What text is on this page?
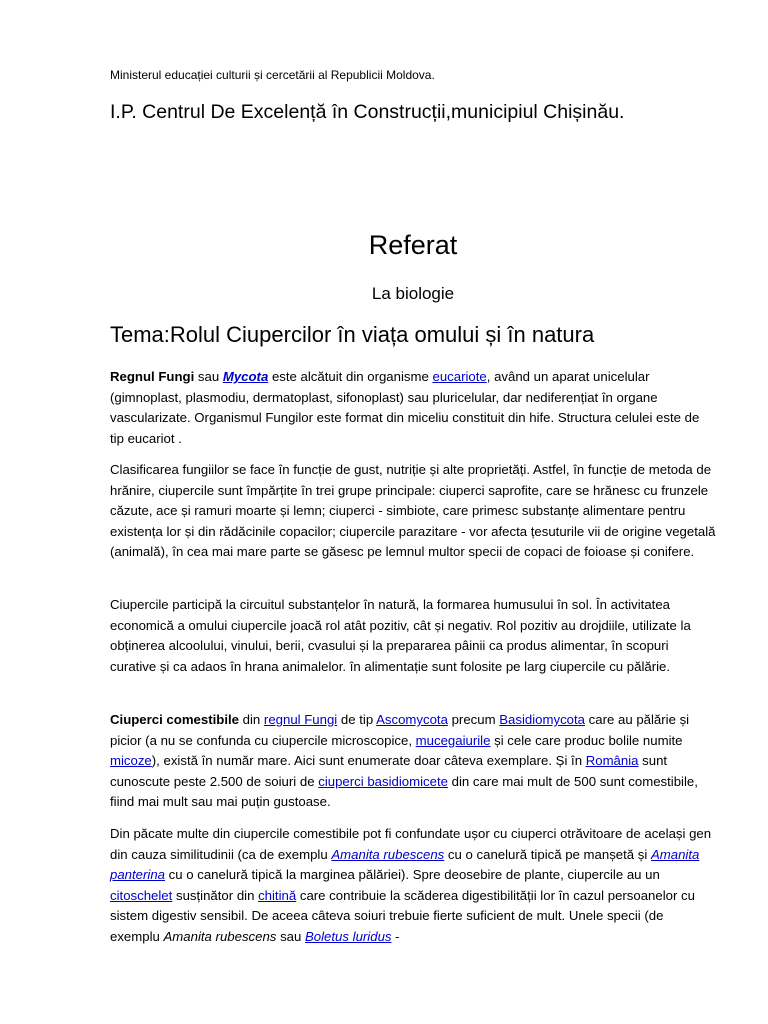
Ministerul educației culturii și cercetării al Republicii Moldova.
I.P. Centrul De Excelență în Construcții,municipiul Chișinău.
Referat
La biologie
Tema:Rolul Ciupercilor în viața omului și în natura

Regnul Fungi sau Mycota este alcătuit din organisme eucariote, având un aparat unicelular (gimnoplast, plasmodiu, dermatoplast, sifonoplast) sau pluricelular, dar nediferențiat în organe vascularizate. Organismul Fungilor este format din miceliu constituit din hife. Structura celulei este de tip eucariot .

Clasificarea fungiilor se face în funcție de gust, nutriție și alte proprietăți. Astfel, în funcție de metoda de hrănire, ciupercile sunt împărțite în trei grupe principale: ciuperci saprofite, care se hrănesc cu frunzele căzute, ace și ramuri moarte și lemn; ciuperci - simbiote, care primesc substanțe alimentare pentru existența lor și din rădăcinile copacilor; ciupercile parazitare - vor afecta țesuturile vii de origine vegetală (animală), în cea mai mare parte se găsesc pe lemnul multor specii de copaci de foioase și conifere.

Ciupercile participă la circuitul substanțelor în natură, la formarea humusului în sol. În activitatea economică a omului ciupercile joacă rol atât pozitiv, cât și negativ. Rol pozitiv au drojdiile, utilizate la obținerea alcoolului, vinului, berii, cvasului și la prepararea pâinii ca produs alimentar, în scopuri curative și ca adaos în hrana animalelor. în alimentație sunt folosite pe larg ciupercile cu pălărie.

Ciuperci comestibile din regnul Fungi de tip Ascomycota precum Basidiomycota care au pălărie și picior (a nu se confunda cu ciupercile microscopice, mucegaiurile și cele care produc bolile numite micoze), există în număr mare. Aici sunt enumerate doar câteva exemplare. Și în România sunt cunoscute peste 2.500 de soiuri de ciuperci basidiomicete din care mai mult de 500 sunt comestibile, fiind mai mult sau mai puțin gustoase.

Din păcate multe din ciupercile comestibile pot fi confundate ușor cu ciuperci otrăvitoare de același gen din cauza similitudinii (ca de exemplu Amanita rubescens cu o canelură tipică pe manșetă și Amanita panterina cu o canelură tipică la marginea pălăriei). Spre deosebire de plante, ciupercile au un citoschelet susținător din chitină care contribuie la scăderea digestibilității lor în cazul persoanelor cu sistem digestiv sensibil. De aceea câteva soiuri trebuie fierte suficient de mult. Unele specii (de exemplu Amanita rubescens sau Boletus luridus -
